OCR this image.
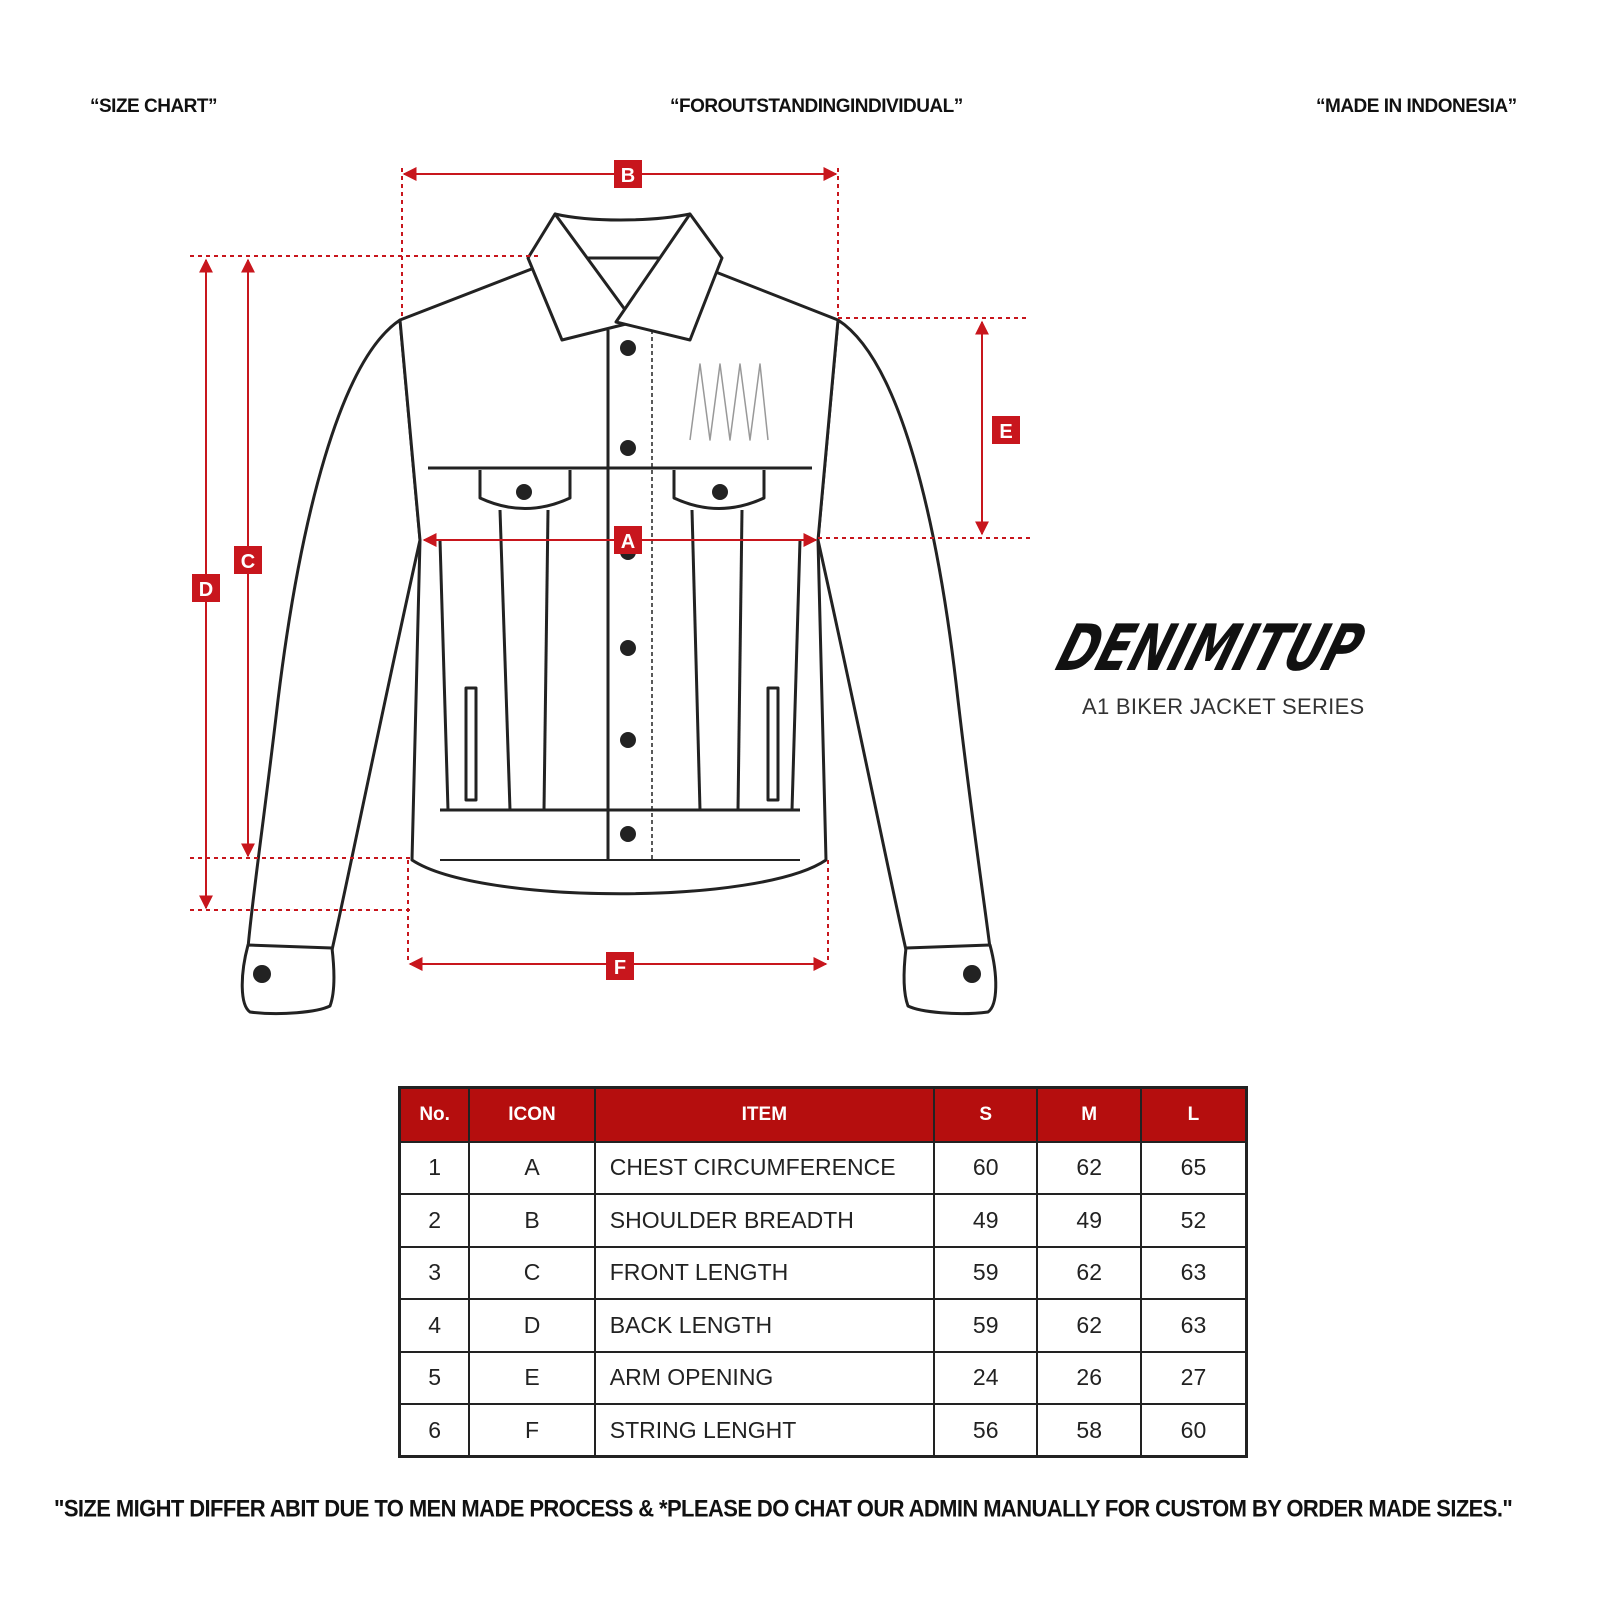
“SIZE CHART”	“FOROUTSTANDINGINDIVIDUAL”	“MADE IN INDONESIA”
B
A
C
D
E
F
DENIMITUP
A1 BIKER JACKET SERIES
No.	ICON	ITEM	S	M	L
1	A	CHEST CIRCUMFERENCE	60	62	65
2	B	SHOULDER BREADTH	49	49	52
3	C	FRONT LENGTH	59	62	63
4	D	BACK LENGTH	59	62	63
5	E	ARM OPENING	24	26	27
6	F	STRING LENGHT	56	58	60
"SIZE MIGHT DIFFER ABIT DUE TO MEN MADE PROCESS & *PLEASE DO CHAT OUR ADMIN MANUALLY FOR CUSTOM BY ORDER MADE SIZES."
